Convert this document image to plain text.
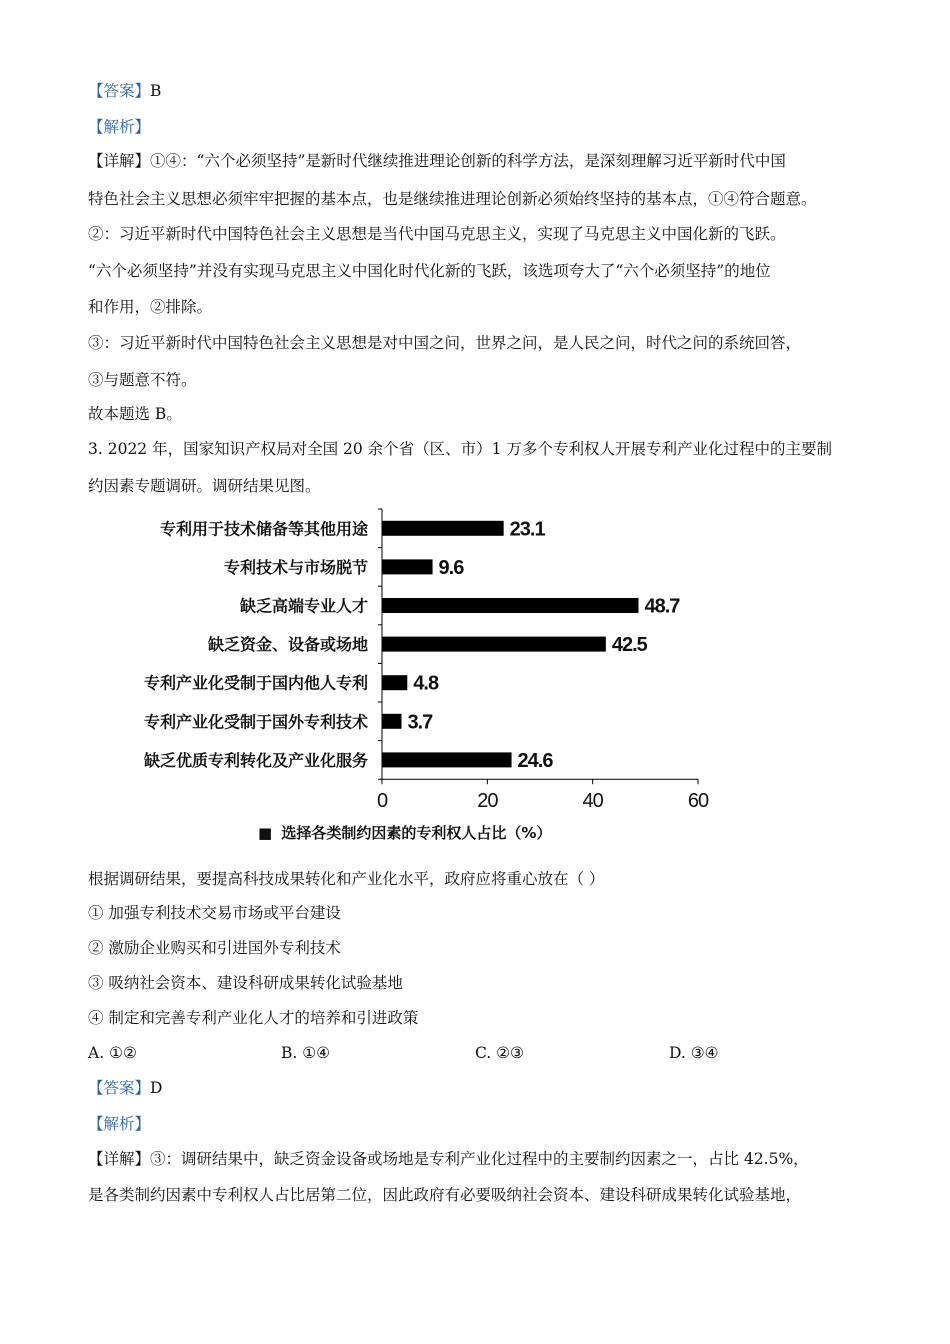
【答案】B
【解析】
【详解】①④：“六个必须坚持”是新时代继续推进理论创新的科学方法，是深刻理解习近平新时代中国
特色社会主义思想必须牢牢把握的基本点，也是继续推进理论创新必须始终坚持的基本点，①④符合题意。
②：习近平新时代中国特色社会主义思想是当代中国马克思主义，实现了马克思主义中国化新的飞跃。
“六个必须坚持”并没有实现马克思主义中国化时代化新的飞跃，该选项夸大了“六个必须坚持”的地位
和作用，②排除。
③：习近平新时代中国特色社会主义思想是对中国之问，世界之问，是人民之问，时代之问的系统回答，
③与题意不符。
故本题选 B。
3. 2022 年，国家知识产权局对全国 20 余个省（区、市）1 万多个专利权人开展专利产业化过程中的主要制
约因素专题调研。调研结果见图。
专利用于技术储备等其他用途
专利技术与市场脱节
缺乏高端专业人才
缺乏资金、设备或场地
专利产业化受制于国内他人专利
专利产业化受制于国外专利技术
缺乏优质专利转化及产业化服务
23.1
9.6
48.7
42.5
4.8
3.7
24.6
0	20	40	60
■ 选择各类制约因素的专利权人占比（%）
根据调研结果，要提高科技成果转化和产业化水平，政府应将重心放在（ ）
① 加强专利技术交易市场或平台建设
② 激励企业购买和引进国外专利技术
③ 吸纳社会资本、建设科研成果转化试验基地
④ 制定和完善专利产业化人才的培养和引进政策
A. ①②	B. ①④	C. ②③	D. ③④
【答案】D
【解析】
【详解】③：调研结果中，缺乏资金设备或场地是专利产业化过程中的主要制约因素之一，占比 42.5%，
是各类制约因素中专利权人占比居第二位，因此政府有必要吸纳社会资本、建设科研成果转化试验基地，
